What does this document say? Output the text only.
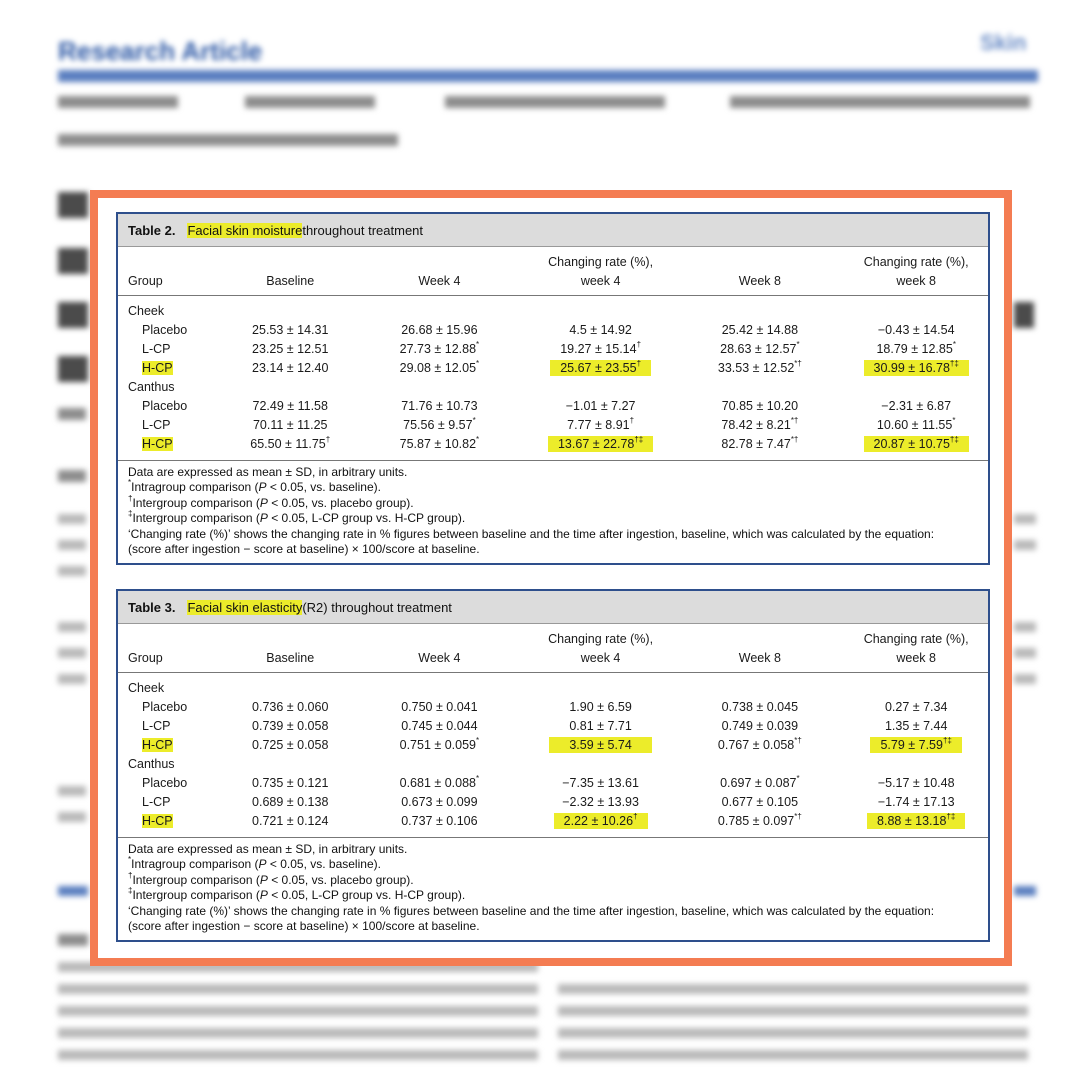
Research Article	Skin
Table 2. Facial skin moisture throughout treatment
Group	Baseline	Week 4	Changing rate (%), week 4	Week 8	Changing rate (%), week 8
Cheek					
Placebo	25.53 ± 14.31	26.68 ± 15.96	4.5 ± 14.92	25.42 ± 14.88	−0.43 ± 14.54
L-CP	23.25 ± 12.51	27.73 ± 12.88*	19.27 ± 15.14†	28.63 ± 12.57*	18.79 ± 12.85*
H-CP	23.14 ± 12.40	29.08 ± 12.05*	25.67 ± 23.55†	33.53 ± 12.52*†	30.99 ± 16.78†‡
Canthus					
Placebo	72.49 ± 11.58	71.76 ± 10.73	−1.01 ± 7.27	70.85 ± 10.20	−2.31 ± 6.87
L-CP	70.11 ± 11.25	75.56 ± 9.57*	7.77 ± 8.91†	78.42 ± 8.21*†	10.60 ± 11.55*
H-CP	65.50 ± 11.75†	75.87 ± 10.82*	13.67 ± 22.78†‡	82.78 ± 7.47*†	20.87 ± 10.75†‡
Data are expressed as mean ± SD, in arbitrary units.
*Intragroup comparison (P < 0.05, vs. baseline).
†Intergroup comparison (P < 0.05, vs. placebo group).
‡Intergroup comparison (P < 0.05, L-CP group vs. H-CP group).
‘Changing rate (%)’ shows the changing rate in % figures between baseline and the time after ingestion, baseline, which was calculated by the equation:
(score after ingestion − score at baseline) × 100/score at baseline.
Table 3. Facial skin elasticity (R2) throughout treatment
Group	Baseline	Week 4	Changing rate (%), week 4	Week 8	Changing rate (%), week 8
Cheek					
Placebo	0.736 ± 0.060	0.750 ± 0.041	1.90 ± 6.59	0.738 ± 0.045	0.27 ± 7.34
L-CP	0.739 ± 0.058	0.745 ± 0.044	0.81 ± 7.71	0.749 ± 0.039	1.35 ± 7.44
H-CP	0.725 ± 0.058	0.751 ± 0.059*	3.59 ± 5.74	0.767 ± 0.058*†	5.79 ± 7.59†‡
Canthus					
Placebo	0.735 ± 0.121	0.681 ± 0.088*	−7.35 ± 13.61	0.697 ± 0.087*	−5.17 ± 10.48
L-CP	0.689 ± 0.138	0.673 ± 0.099	−2.32 ± 13.93	0.677 ± 0.105	−1.74 ± 17.13
H-CP	0.721 ± 0.124	0.737 ± 0.106	2.22 ± 10.26†	0.785 ± 0.097*†	8.88 ± 13.18†‡
Data are expressed as mean ± SD, in arbitrary units.
*Intragroup comparison (P < 0.05, vs. baseline).
†Intergroup comparison (P < 0.05, vs. placebo group).
‡Intergroup comparison (P < 0.05, L-CP group vs. H-CP group).
‘Changing rate (%)’ shows the changing rate in % figures between baseline and the time after ingestion, baseline, which was calculated by the equation:
(score after ingestion − score at baseline) × 100/score at baseline.
